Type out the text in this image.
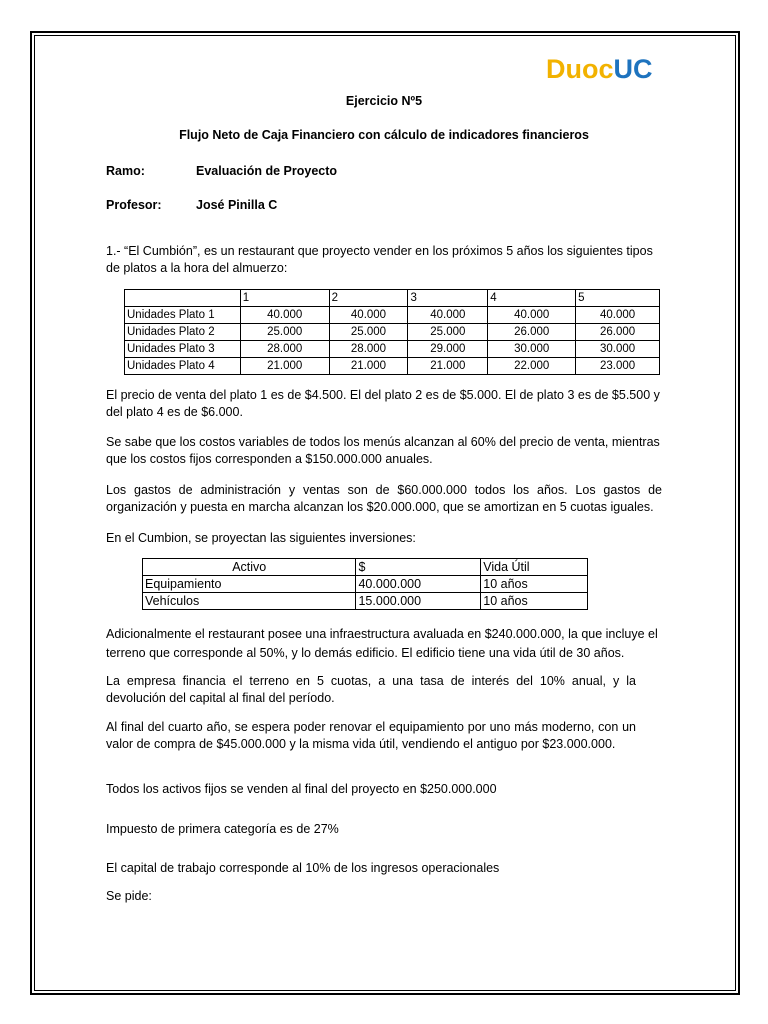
DuocUC
Ejercicio Nº5
Flujo Neto de Caja Financiero con cálculo de indicadores financieros
Ramo:	Evaluación de Proyecto
Profesor:	José Pinilla C
1.- “El Cumbión”, es un restaurant que proyecto vender en los próximos 5 años los siguientes tipos de platos a la hora del almuerzo:
	1	2	3	4	5
Unidades Plato 1	40.000	40.000	40.000	40.000	40.000
Unidades Plato 2	25.000	25.000	25.000	26.000	26.000
Unidades Plato 3	28.000	28.000	29.000	30.000	30.000
Unidades Plato 4	21.000	21.000	21.000	22.000	23.000
El precio de venta del plato 1 es de $4.500. El del plato 2 es de $5.000. El de plato 3 es de $5.500 y del plato 4 es de $6.000.
Se sabe que los costos variables de todos los menús alcanzan al 60% del precio de venta, mientras que los costos fijos corresponden a $150.000.000 anuales.
Los gastos de administración y ventas son de $60.000.000 todos los años. Los gastos de organización y puesta en marcha alcanzan los $20.000.000, que se amortizan en 5 cuotas iguales.
En el Cumbion, se proyectan las siguientes inversiones:
Activo	$	Vida Útil
Equipamiento	40.000.000	10 años
Vehículos	15.000.000	10 años
Adicionalmente el restaurant posee una infraestructura avaluada en $240.000.000, la que incluye el terreno que corresponde al 50%, y lo demás edificio. El edificio tiene una vida útil de 30 años.
La empresa financia el terreno en 5 cuotas, a una tasa de interés del 10% anual, y la devolución del capital al final del período.
Al final del cuarto año, se espera poder renovar el equipamiento por uno más moderno, con un valor de compra de $45.000.000 y la misma vida útil, vendiendo el antiguo por $23.000.000.
Todos los activos fijos se venden al final del proyecto en $250.000.000
Impuesto de primera categoría es de 27%
El capital de trabajo corresponde al 10% de los ingresos operacionales
Se pide:
